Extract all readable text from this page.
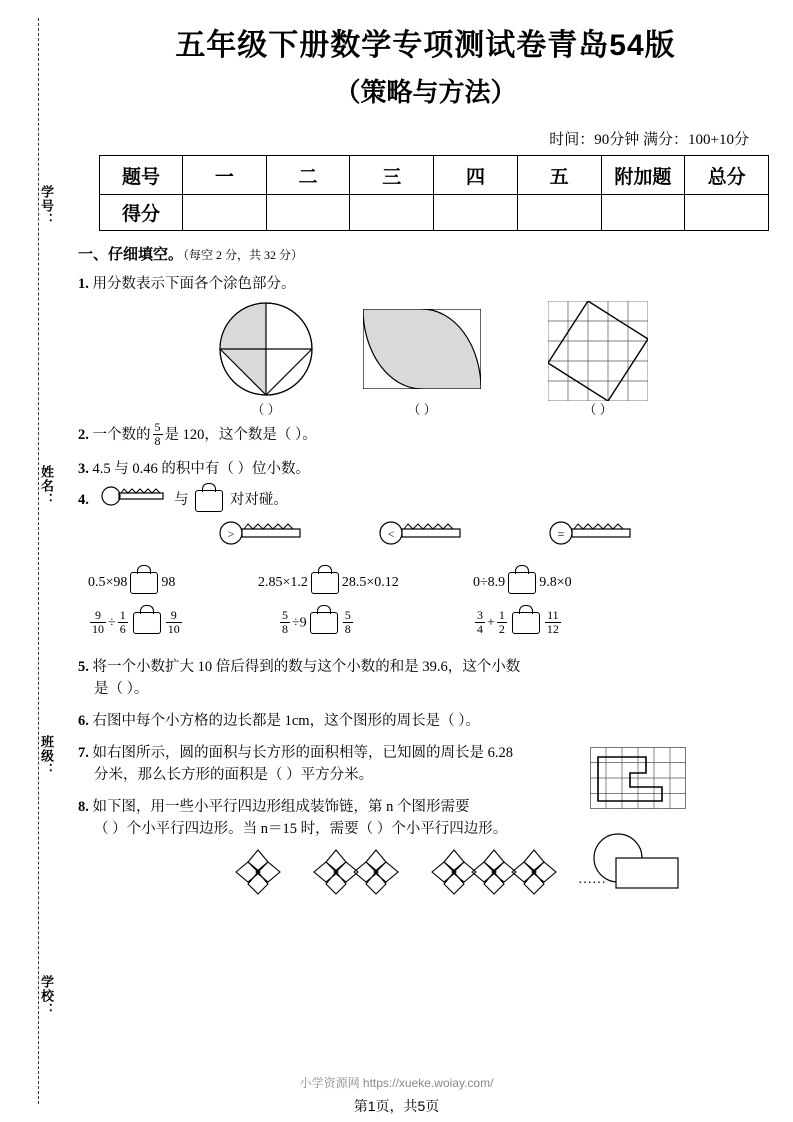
学号：
姓名：
班级：
学校：
五年级下册数学专项测试卷青岛54版
（策略与方法）
时间：90分钟 满分：100+10分
题号	一	二	三	四	五	附加题	总分
得分							
一、仔细填空。（每空 2 分，共 32 分）
1. 用分数表示下面各个涂色部分。
（ ）	（ ）	（ ）
2. 一个数的 $\frac{5}{8}$ 是 120，这个数是（ ）。
3. 4.5 与 0.46 的积中有（ ）位小数。
4.	与	对对碰。
>	<	=
0.5×98 98	2.85×1.2 28.5×0.12	0÷8.9 9.8×0
$\frac{9}{10} \div \frac{1}{6}$	$\frac{9}{10}$	$\frac{5}{8} \div 9$	$\frac{5}{8}$	$\frac{3}{4} + \frac{1}{2}$	$\frac{11}{12}$
5. 将一个小数扩大 10 倍后得到的数与这个小数的和是 39.6，这个小数
是（ ）。
6. 右图中每个小方格的边长都是 1cm，这个图形的周长是（ ）。
7. 如右图所示，圆的面积与长方形的面积相等，已知圆的周长是 6.28
分米，那么长方形的面积是（ ）平方分米。
8. 如下图，用一些小平行四边形组成装饰链，第 n 个图形需要
（ ）个小平行四边形。当 n＝15 时，需要（ ）个小平行四边形。
……
小学资源网 https://xueke.woiay.com/
第1页，共5页
